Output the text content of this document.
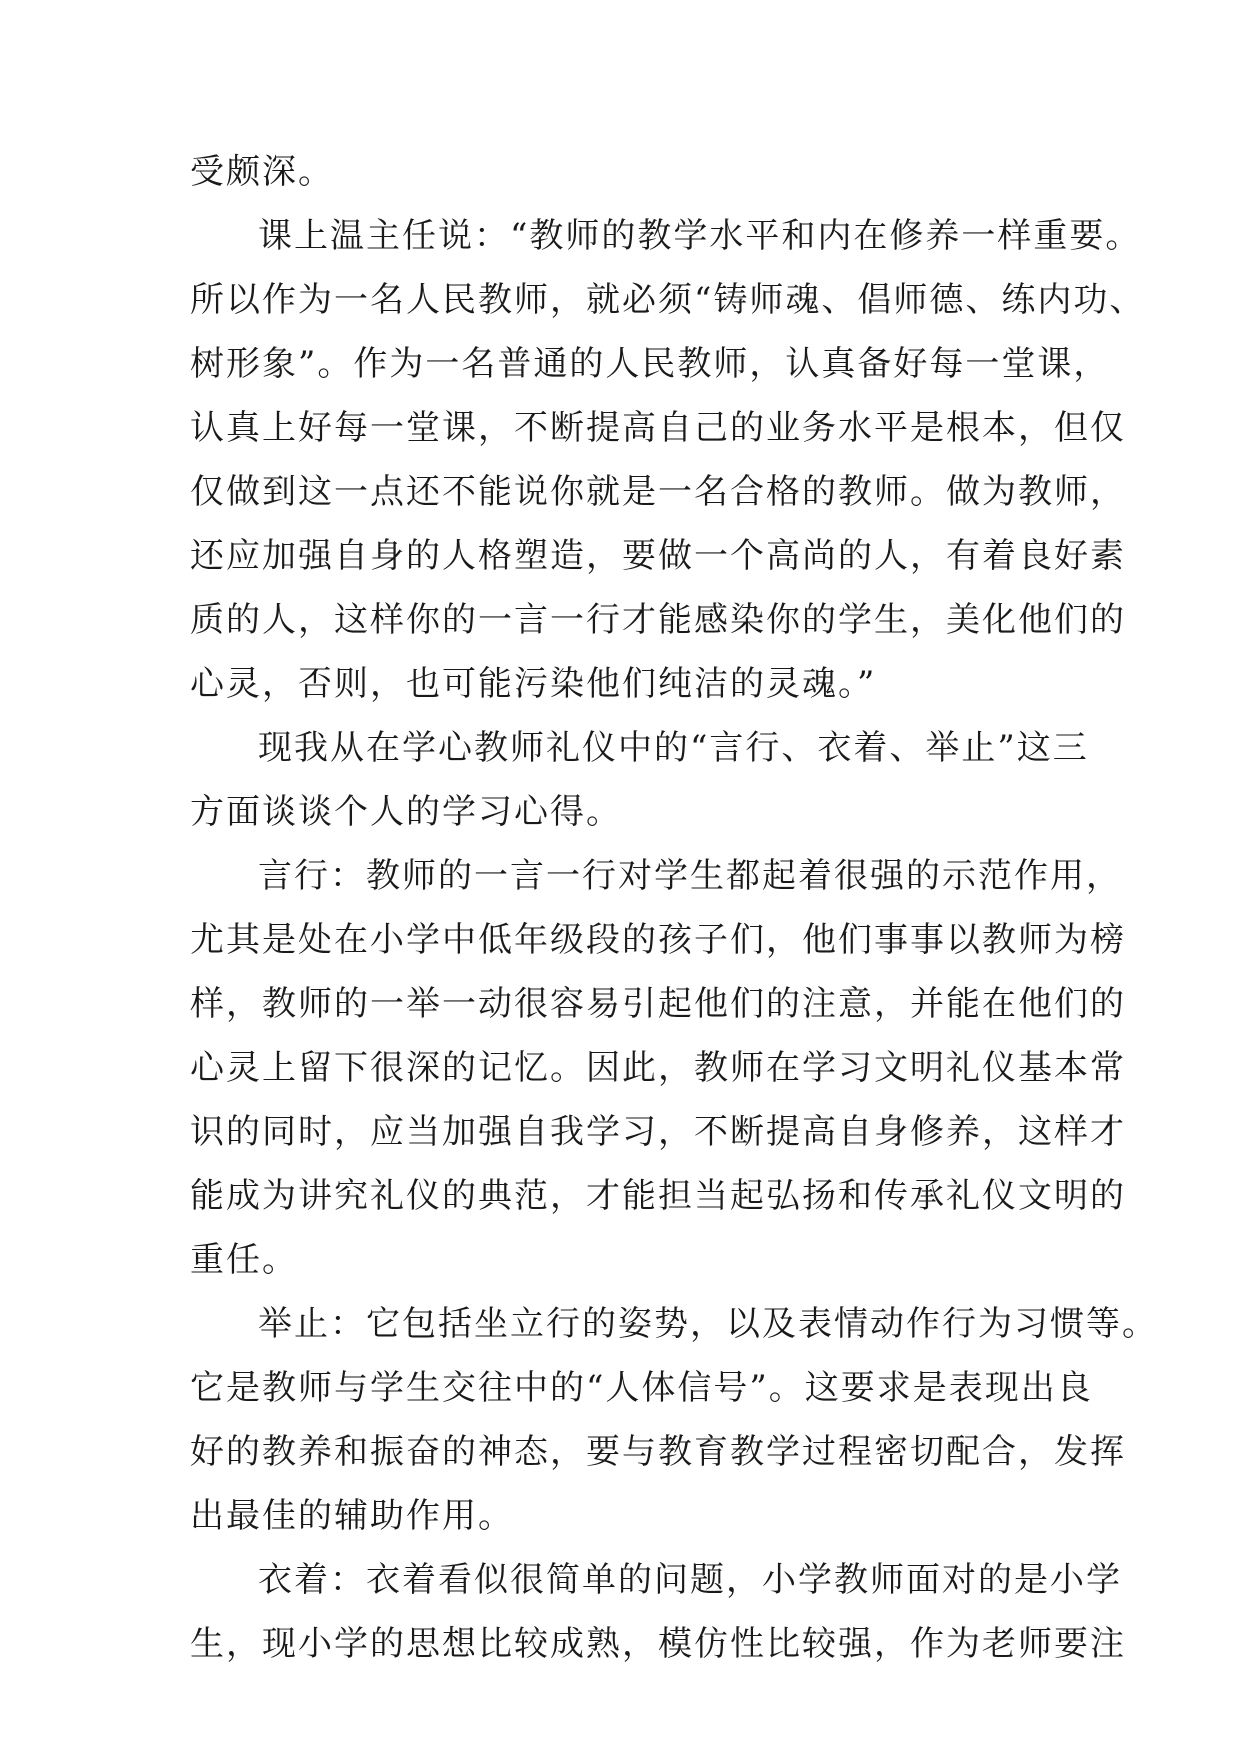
受颇深。
课上温主任说：“教师的教学水平和内在修养一样重要。
所以作为一名人民教师，就必须“铸师魂、倡师德、练内功、
树形象”。作为一名普通的人民教师，认真备好每一堂课，
认真上好每一堂课，不断提高自己的业务水平是根本，但仅
仅做到这一点还不能说你就是一名合格的教师。做为教师，
还应加强自身的人格塑造，要做一个高尚的人，有着良好素
质的人，这样你的一言一行才能感染你的学生，美化他们的
心灵，否则，也可能污染他们纯洁的灵魂。”
现我从在学心教师礼仪中的“言行、衣着、举止”这三
方面谈谈个人的学习心得。
言行：教师的一言一行对学生都起着很强的示范作用，
尤其是处在小学中低年级段的孩子们，他们事事以教师为榜
样，教师的一举一动很容易引起他们的注意，并能在他们的
心灵上留下很深的记忆。因此，教师在学习文明礼仪基本常
识的同时，应当加强自我学习，不断提高自身修养，这样才
能成为讲究礼仪的典范，才能担当起弘扬和传承礼仪文明的
重任。
举止：它包括坐立行的姿势，以及表情动作行为习惯等。
它是教师与学生交往中的“人体信号”。这要求是表现出良
好的教养和振奋的神态，要与教育教学过程密切配合，发挥
出最佳的辅助作用。
衣着：衣着看似很简单的问题，小学教师面对的是小学
生，现小学的思想比较成熟，模仿性比较强，作为老师要注
